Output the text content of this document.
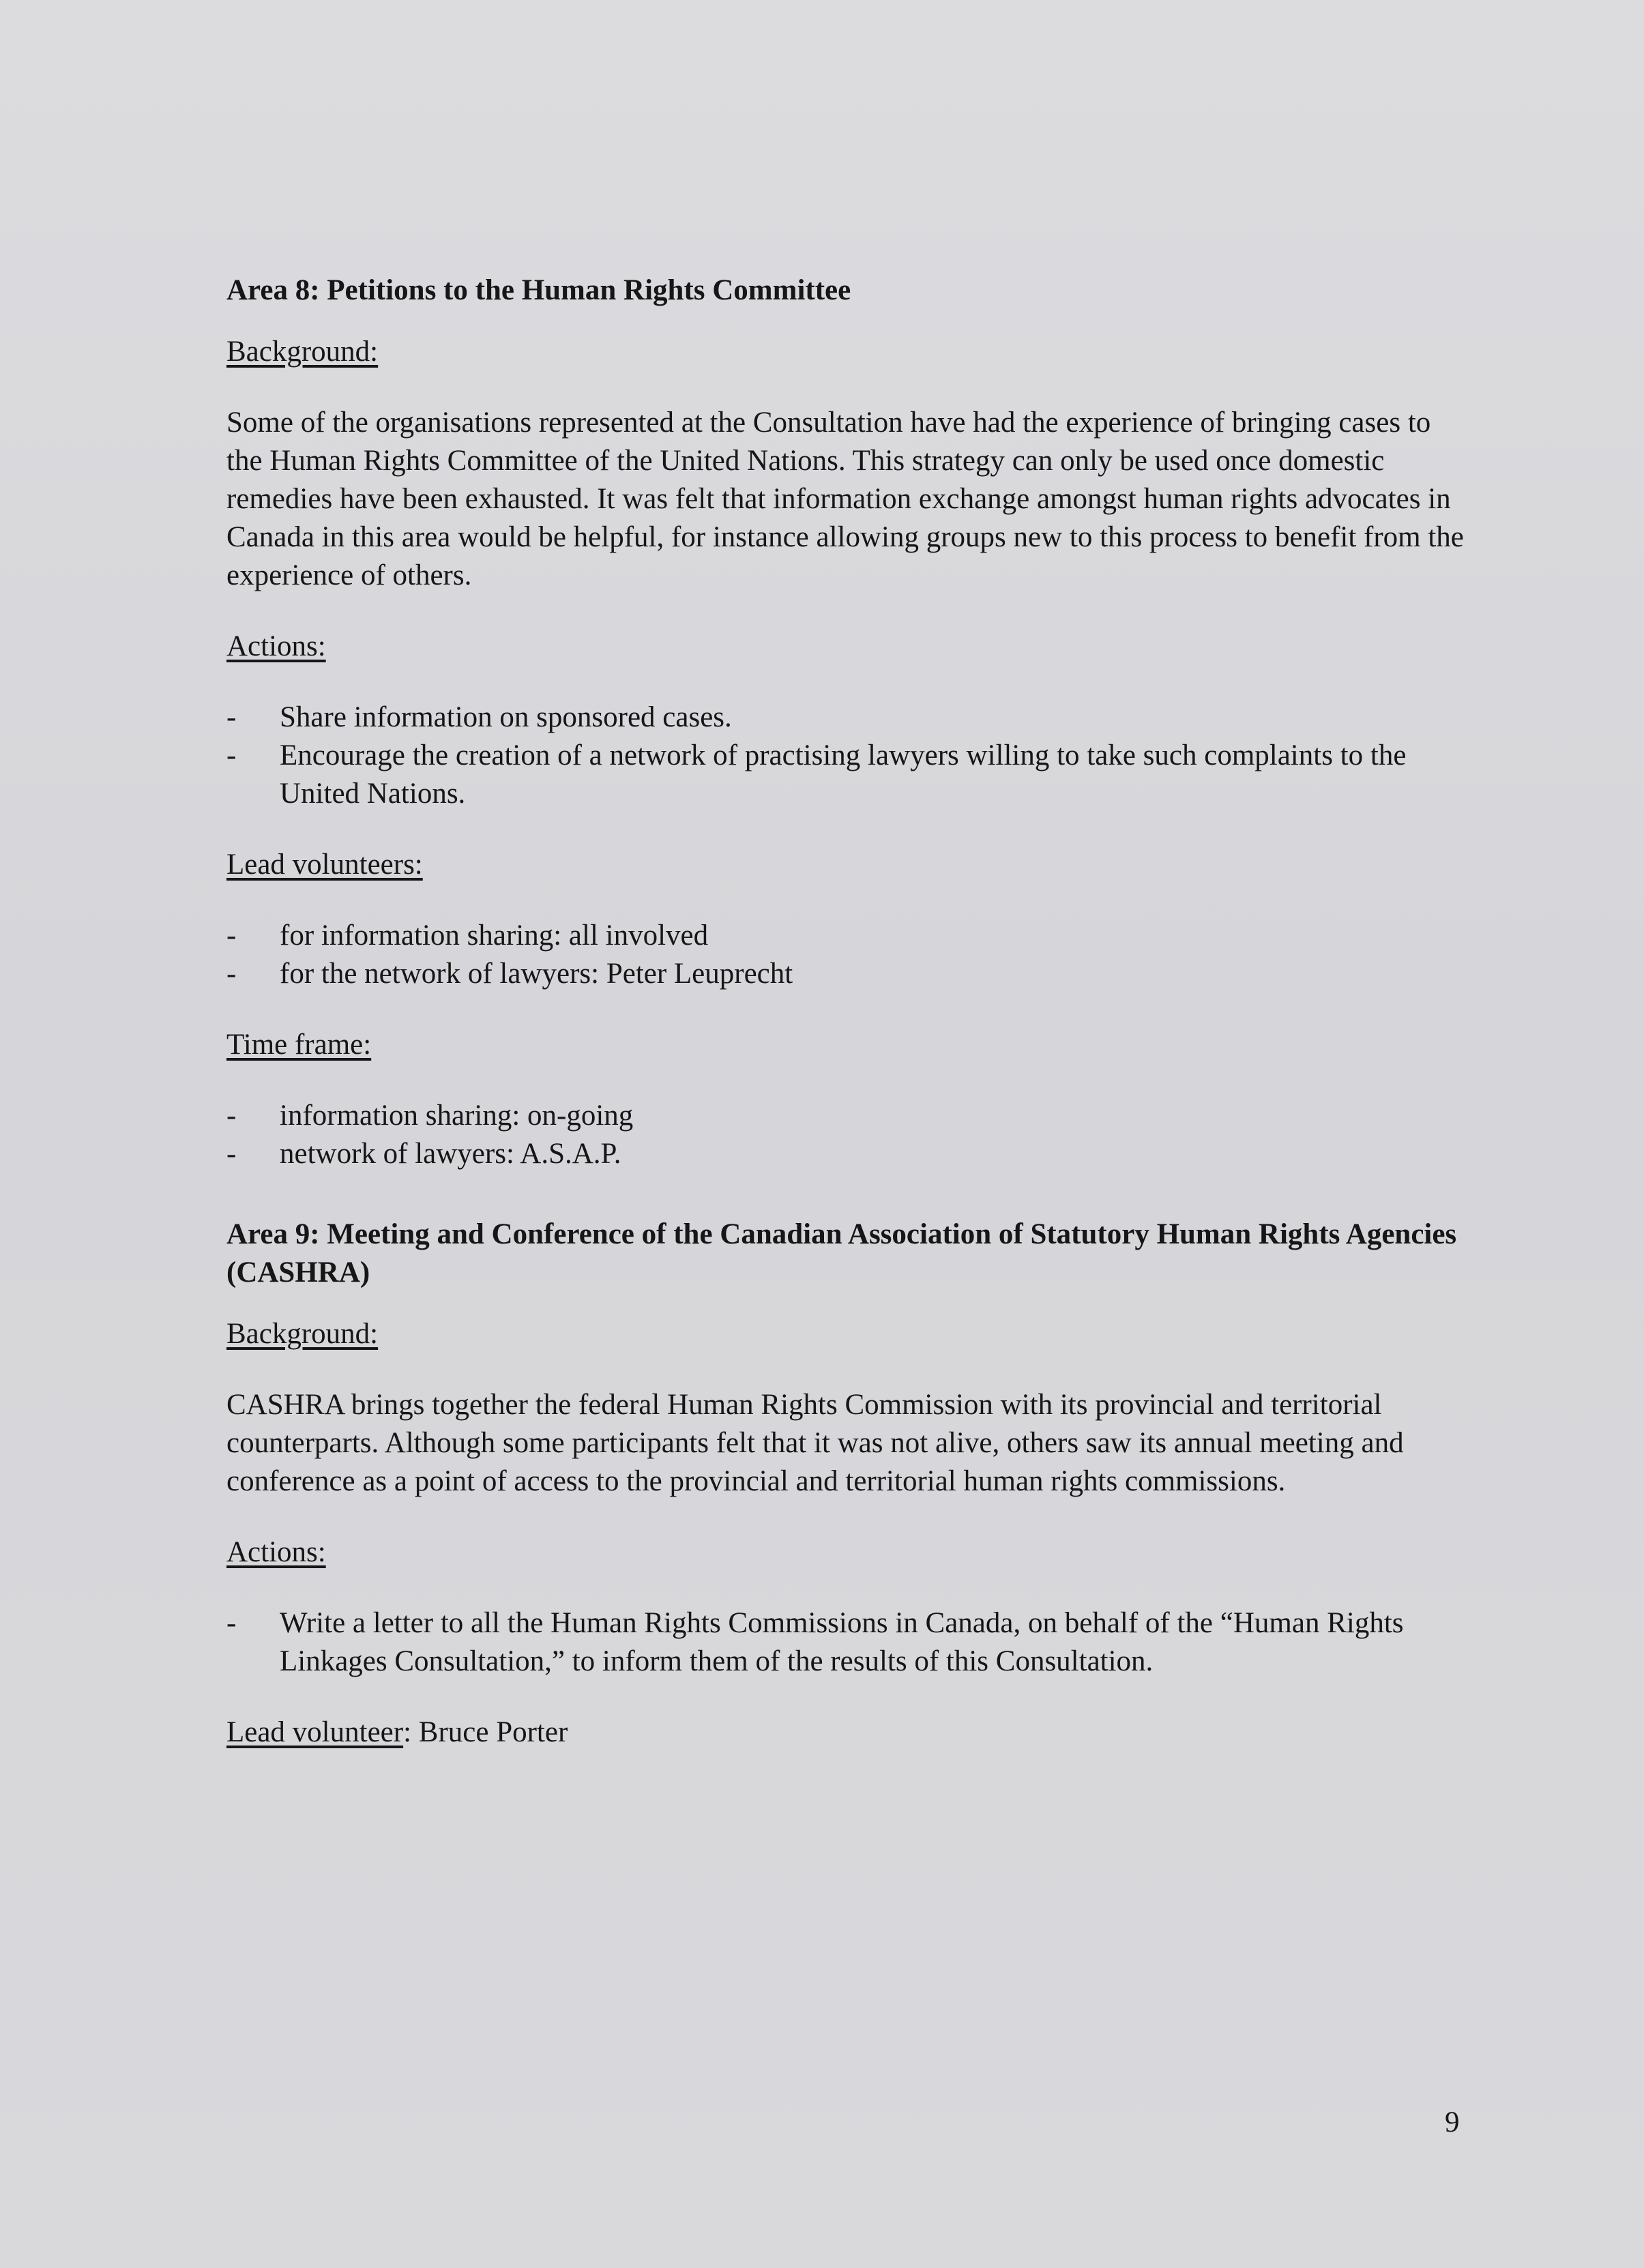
Area 8: Petitions to the Human Rights Committee

Background:

Some of the organisations represented at the Consultation have had the experience of bringing cases to the Human Rights Committee of the United Nations. This strategy can only be used once domestic remedies have been exhausted. It was felt that information exchange amongst human rights advocates in Canada in this area would be helpful, for instance allowing groups new to this process to benefit from the experience of others.

Actions:

- Share information on sponsored cases.
- Encourage the creation of a network of practising lawyers willing to take such complaints to the United Nations.

Lead volunteers:

- for information sharing: all involved
- for the network of lawyers: Peter Leuprecht

Time frame:

- information sharing: on-going
- network of lawyers: A.S.A.P.
Area 9: Meeting and Conference of the Canadian Association of Statutory Human Rights Agencies (CASHRA)

Background:

CASHRA brings together the federal Human Rights Commission with its provincial and territorial counterparts. Although some participants felt that it was not alive, others saw its annual meeting and conference as a point of access to the provincial and territorial human rights commissions.

Actions:

- Write a letter to all the Human Rights Commissions in Canada, on behalf of the “Human Rights Linkages Consultation,” to inform them of the results of this Consultation.

Lead volunteer: Bruce Porter

9
